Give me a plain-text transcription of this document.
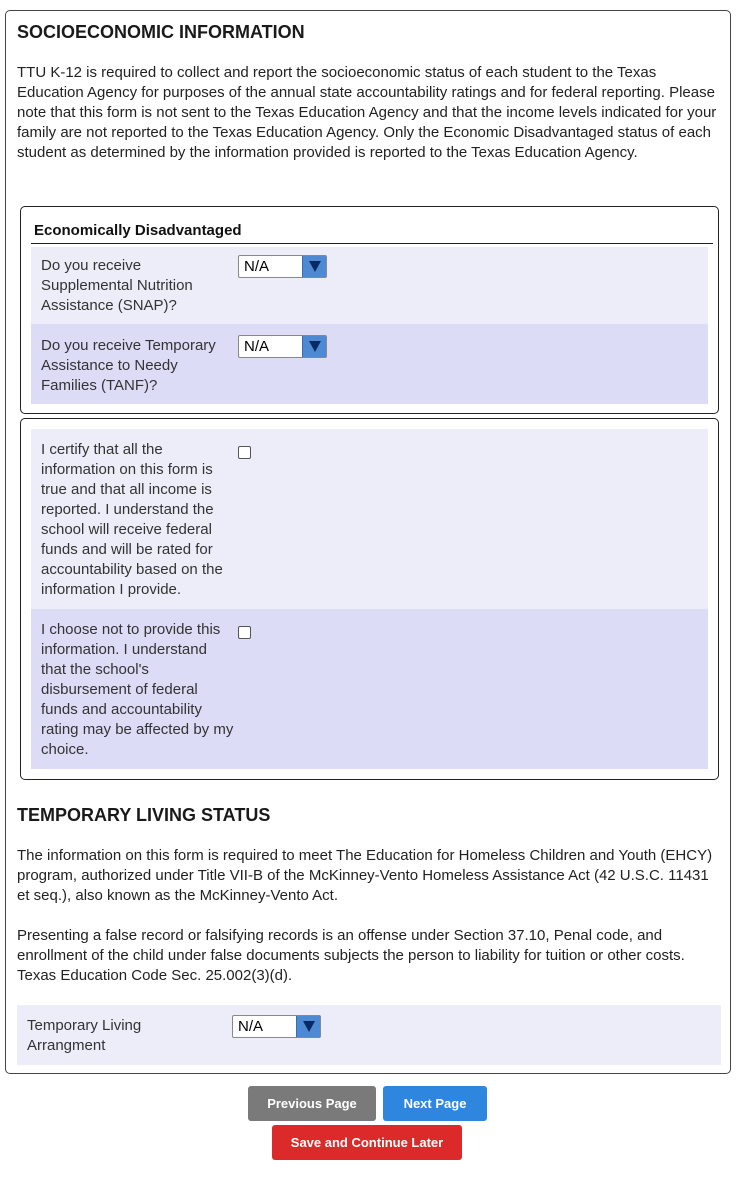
SOCIOECONOMIC INFORMATION

TTU K-12 is required to collect and report the socioeconomic status of each student to the Texas Education Agency for purposes of the annual state accountability ratings and for federal reporting. Please note that this form is not sent to the Texas Education Agency and that the income levels indicated for your family are not reported to the Texas Education Agency. Only the Economic Disadvantaged status of each student as determined by the information provided is reported to the Texas Education Agency.

Economically Disadvantaged
Do you receive Supplemental Nutrition Assistance (SNAP)?
N/A
Do you receive Temporary Assistance to Needy Families (TANF)?
N/A
I certify that all the information on this form is true and that all income is reported. I understand the school will receive federal funds and will be rated for accountability based on the information I provide.
I choose not to provide this information. I understand that the school's disbursement of federal funds and accountability rating may be affected by my choice.
TEMPORARY LIVING STATUS

The information on this form is required to meet The Education for Homeless Children and Youth (EHCY) program, authorized under Title VII-B of the McKinney-Vento Homeless Assistance Act (42 U.S.C. 11431 et seq.), also known as the McKinney-Vento Act.

Presenting a false record or falsifying records is an offense under Section 37.10, Penal code, and enrollment of the child under false documents subjects the person to liability for tuition or other costs. Texas Education Code Sec. 25.002(3)(d).

Temporary Living Arrangment
N/A
Previous Page	Next Page
Save and Continue Later
